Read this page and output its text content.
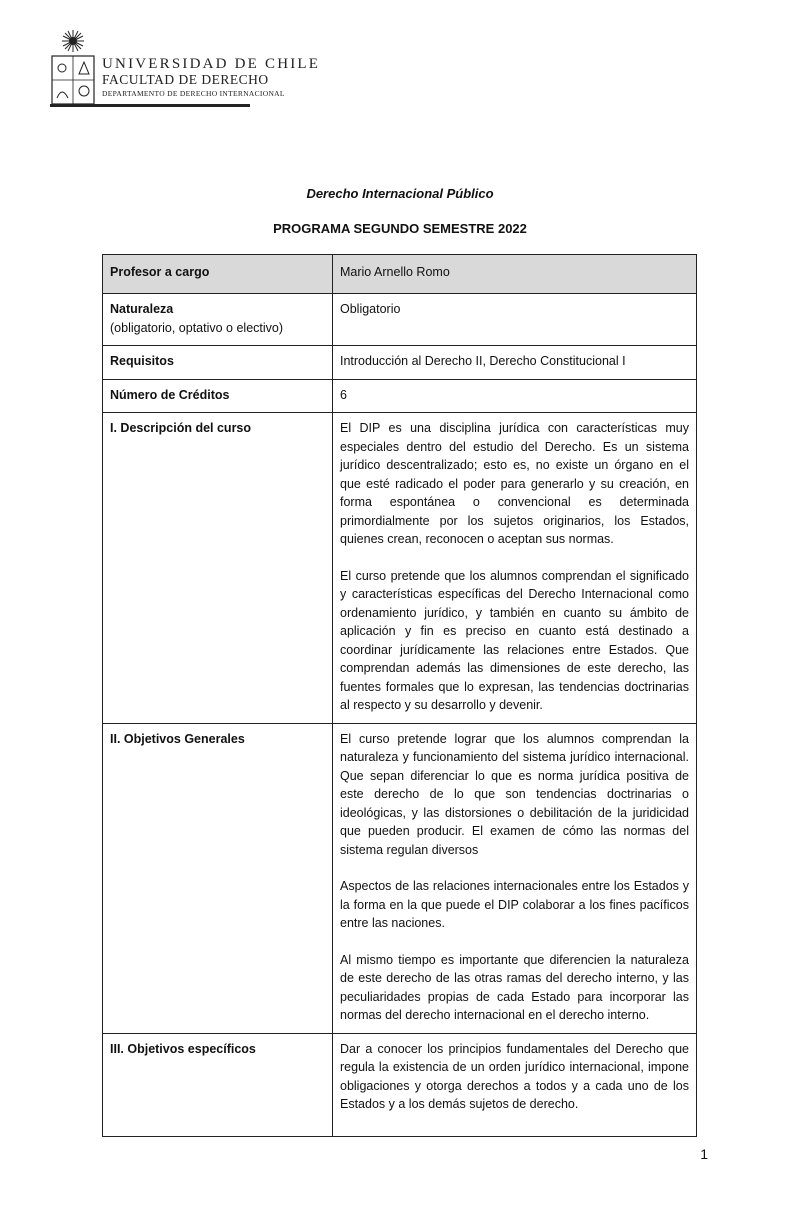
UNIVERSIDAD DE CHILE
FACULTAD DE DERECHO
DEPARTAMENTO DE DERECHO INTERNACIONAL
Derecho Internacional Público
PROGRAMA SEGUNDO SEMESTRE 2022
Profesor a cargo	Mario Arnello Romo

Naturaleza
(obligatorio, optativo o electivo)	Obligatorio
Requisitos	Introducción al Derecho II, Derecho Constitucional I
Número de Créditos	6
I. Descripción del curso	El DIP es una disciplina jurídica con características muy especiales dentro del estudio del Derecho. Es un sistema jurídico descentralizado; esto es, no existe un órgano en el que esté radicado el poder para generarlo y su creación, en forma espontánea o convencional es determinada primordialmente por los sujetos originarios, los Estados, quienes crean, reconocen o aceptan sus normas.
El curso pretende que los alumnos comprendan el significado y características específicas del Derecho Internacional como ordenamiento jurídico, y también en cuanto su ámbito de aplicación y fin es preciso en cuanto está destinado a coordinar jurídicamente las relaciones entre Estados. Que comprendan además las dimensiones de este derecho, las fuentes formales que lo expresan, las tendencias doctrinarias al respecto y su desarrollo y devenir.

II. Objetivos Generales	El curso pretende lograr que los alumnos comprendan la naturaleza y funcionamiento del sistema jurídico internacional. Que sepan diferenciar lo que es norma jurídica positiva de este derecho de lo que son tendencias doctrinarias o ideológicas, y las distorsiones o debilitación de la juridicidad que pueden producir. El examen de cómo las normas del sistema regulan diversos
Aspectos de las relaciones internacionales entre los Estados y la forma en la que puede el DIP colaborar a los fines pacíficos entre las naciones.
Al mismo tiempo es importante que diferencien la naturaleza de este derecho de las otras ramas del derecho interno, y las peculiaridades propias de cada Estado para incorporar las normas del derecho internacional en el derecho interno.

III. Objetivos específicos	Dar a conocer los principios fundamentales del Derecho que regula la existencia de un orden jurídico internacional, impone obligaciones y otorga derechos a todos y a cada uno de los Estados y a los demás sujetos de derecho.
1
